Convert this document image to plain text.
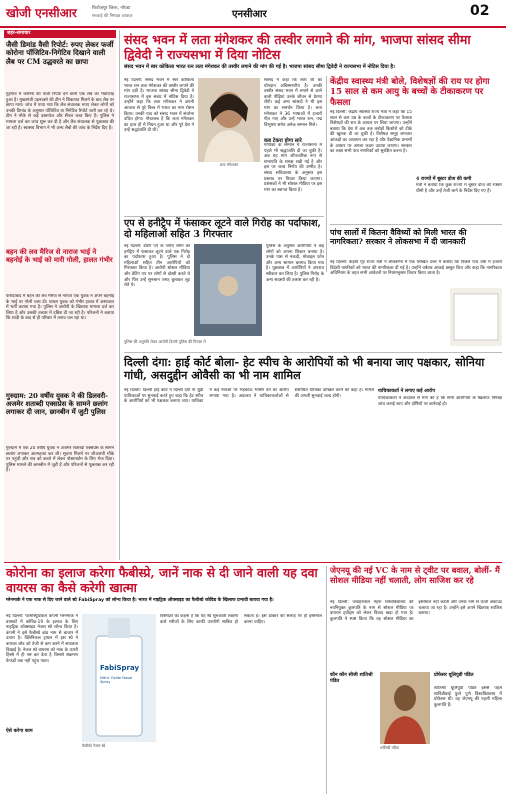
खोजी एनसीआर	फिरोजपुर जिला, नोएडा
सच्चाई की निष्पक्ष आवाज़	एनसीआर	02
शहर-समाचार
जैसी डिमांड वैसी रिपोर्ट: रुपए लेकर फर्जी कोरोना पॉजिटिव-निगेटिव दिखाने वाली लैब पर CM उद्धवरते का छापा
गुड़गांव में कोरोना की फर्जी रिपोर्ट देने वाली एक लैब का भंडाफोड़ हुआ है। मुख्यमंत्री उड़नदस्ते की टीम ने शिकायत मिलने के बाद लैब पर छापा मारा। जांच में पाया गया कि लैब संचालक रुपए लेकर लोगों को उनकी डिमांड के अनुसार पॉजिटिव या निगेटिव रिपोर्ट जारी कर रहे थे। टीम ने मौके से कई दस्तावेज और सैंपल जब्त किए हैं। पुलिस ने मामला दर्ज कर जांच शुरू कर दी है और लैब संचालक से पूछताछ की जा रही है। स्वास्थ्य विभाग ने भी अन्य लैबों की जांच के निर्देश दिए हैं।
बहन की लव मैरिज से नाराज भाई ने बहनोई के भाई को मारी गोली, हालत गंभीर
फरीदाबाद में बहन की लव मैरिज से नाराज एक युवक ने अपने बहनोई के भाई पर गोली चला दी। घायल युवक को गंभीर हालत में अस्पताल में भर्ती कराया गया है। पुलिस ने आरोपी के खिलाफ मामला दर्ज कर लिया है और उसकी तलाश में दबिश दी जा रही है। परिजनों ने बताया कि शादी के बाद से ही परिवार में तनाव चल रहा था।
गुरुग्राम: 20 वर्षीय युवक ने की डिलवरी- अजमेर शताब्दी एक्सप्रेस के सामने छलांग लगाकर दी जान, छानबीन में जुटी पुलिस
गुरुग्राम में एक 20 वर्षीय युवक ने अजमेर शताब्दी एक्सप्रेस के सामने छलांग लगाकर आत्महत्या कर ली। सूचना मिलने पर जीआरपी मौके पर पहुंची और शव को कब्जे में लेकर पोस्टमार्टम के लिए भेज दिया। पुलिस मामले की छानबीन में जुटी है और परिजनों से पूछताछ कर रही है।
संसद भवन में लता मंगेशकर की तस्वीर लगाने की मांग, भाजपा सांसद सीमा द्विवेदी ने राज्यसभा में दिया नोटिस
संसद भवन में स्वर कोकिला भारत रत्न लता मंगेशकर की तस्वीर लगाने की मांग की गई है। भाजपा सांसद सीमा द्विवेदी ने राज्यसभा में नोटिस दिया है।
लता मंगेशकर
नई दिल्ली: संसद भवन में स्वर कोकिला भारत रत्न लता मंगेशकर की तस्वीर लगाने की मांग उठी है। भाजपा सांसद सीमा द्विवेदी ने राज्यसभा में इस संबंध में नोटिस दिया है। उन्होंने कहा कि लता मंगेशकर ने अपनी आवाज से पूरे विश्व में भारत का नाम रोशन किया। उनकी याद को संसद भवन में संजोना उचित होगा। गौरतलब है कि लता मंगेशकर का हाल ही में निधन हुआ था और पूरे देश ने उन्हें श्रद्धांजलि दी थी।
सांसद ने कहा कि लता जी का योगदान अविस्मरणीय है। उनकी तस्वीर संसद भवन में लगाने से आने वाली पीढ़ियां उनके जीवन से प्रेरणा लेंगी। कई अन्य सांसदों ने भी इस मांग का समर्थन किया है। लता मंगेशकर ने 36 भाषाओं में हजारों गीत गाए और उन्हें भारत रत्न, पद्म विभूषण समेत अनेक सम्मान मिले।
कब टेकरा होगा सारे
गायिका के सम्मान में राज्यसभा में पहले भी श्रद्धांजलि दी जा चुकी है। अब यह मांग औपचारिक रूप से सभापति के समक्ष रखी गई है और इस पर जल्द निर्णय की उम्मीद है। संसद सचिवालय के अनुसार इस प्रस्ताव पर विचार किया जाएगा। प्रशंसकों ने भी सोशल मीडिया पर इस मांग का स्वागत किया है।
केंद्रीय स्वास्थ्य मंत्री बोले, विशेषज्ञों की राय पर होगा 15 साल से कम आयु के बच्चों के टीकाकरण पर फैसला
नई दिल्ली: केंद्रीय स्वास्थ्य राज्य मंत्री ने कहा कि 15 साल से कम उम्र के बच्चों के टीकाकरण पर फैसला विशेषज्ञों की राय के आधार पर लिया जाएगा। उन्होंने बताया कि देश में अब तक करोड़ों किशोरों को टीके की खुराक दी जा चुकी है। विशेषज्ञ समूह लगातार आंकड़ों का अध्ययन कर रहा है और वैज्ञानिक प्रमाणों के आधार पर अगला कदम उठाया जाएगा। सरकार का लक्ष्य सभी पात्र नागरिकों को सुरक्षित करना है।
4 राज्यों में बूस्टर डोज की कमी
मंत्री ने बताया कि कुछ राज्यों में बूस्टर डोज की रफ्तार धीमी है और उन्हें तेजी लाने के निर्देश दिए गए हैं।
पांच सालों में कितना वैविध्यों को मिली भारत की नागरिकता? सरकार ने लोकसभा में दी जानकारी
नई दिल्ली: केंद्रीय गृह राज्य मंत्री ने लोकसभा में एक लिखित उत्तर में बताया कि पिछले पांच वर्षों में हजारों विदेशी नागरिकों को भारत की नागरिकता दी गई है। उन्होंने वर्षवार आंकड़े प्रस्तुत किए और कहा कि नागरिकता अधिनियम के तहत सभी आवेदनों पर नियमानुसार विचार किया जाता है।
एप से हनीट्रैप में फंसाकर लूटने वाले गिरोह का पर्दाफाश, दो महिलाओं सहित 3 गिरफ्तार
नई दिल्ली: डेटिंग एप के जरिए लोगों को हनीट्रैप में फंसाकर लूटने वाले एक गिरोह का पर्दाफाश हुआ है। पुलिस ने दो महिलाओं सहित तीन आरोपियों को गिरफ्तार किया है। आरोपी सोशल मीडिया और डेटिंग एप पर लोगों से दोस्ती करते थे और फिर उन्हें सुनसान जगह बुलाकर लूट लेते थे।
पुलिस की अनुमति लेकर आरोपी दिल्ली पुलिस की गिरफ्त में
पुलिस के अनुसार आरोपियों ने कई लोगों को अपना शिकार बनाया है। उनके पास से नकदी, मोबाइल फोन और अन्य सामान बरामद किया गया है। पूछताछ में आरोपियों ने अपराध स्वीकार कर लिया है। पुलिस गिरोह के अन्य सदस्यों की तलाश कर रही है।
दिल्ली दंगा: हाई कोर्ट बोला- हेट स्पीच के आरोपियों को भी बनाया जाए पक्षकार, सोनिया गांधी, असदुद्दीन ओवैसी का भी नाम शामिल
नई दिल्ली: दिल्ली हाई कोर्ट ने दिल्ली दंगों से जुड़ी याचिकाओं पर सुनवाई करते हुए कहा कि हेट स्पीच के आरोपियों को भी पक्षकार बनाया जाए। याचिका में कई नेताओं पर भड़काऊ भाषण देने का आरोप लगाया गया है। अदालत ने याचिकाकर्ताओं से संशोधित याचिका दाखिल करने को कहा है। मामले की अगली सुनवाई जल्द होगी।
याचिकाकर्ता ने लगाए कई आरोप
याचिकाकर्ता ने अदालत से मांग की है कि सभी आरोपियों के खिलाफ निष्पक्ष जांच कराई जाए और दोषियों पर कार्रवाई हो।
कोरोना का इलाज करेगा फैबीस्प्रे, जानें नाक से दी जाने वाली यह दवा वायरस का कैसे करेगी खात्मा
ग्लेनमार्क ने एक नाक से दिए जाने वाले स्प्रे FabiSpray को लॉन्च किया है। भारत में नाइट्रिक ऑक्साइड का फैबीस्प्रे कोविड के खिलाफ प्रभावी बताया गया है।
नई दिल्ली: फार्मास्युटिकल कंपनी ग्लेनमार्क ने वयस्कों में कोविड-19 के इलाज के लिए नाइट्रिक ऑक्साइड नेजल स्प्रे लॉन्च किया है। कंपनी ने इसे फैबीस्प्रे ब्रांड नाम से बाजार में उतारा है। क्लिनिकल ट्रायल में इस स्प्रे ने वायरल लोड को तेजी से कम करने में सफलता दिखाई है। नेजल स्प्रे वायरस को नाक के ऊपरी हिस्से में ही नष्ट कर देता है जिससे संक्रमण फेफड़ों तक नहीं पहुंच पाता।
ऐसे करेगा काम
FabiSpray
Nitric Oxide Nasal Spray
फैबीस्प्रे नेजल स्प्रे
विशेषज्ञों का कहना है कि यह स्प्रे शुरुआती लक्षणों वाले मरीजों के लिए काफी उपयोगी साबित हो सकता है। इसे डॉक्टर की सलाह पर ही इस्तेमाल करना चाहिए।
जेएनयू की नई VC के नाम से ट्वीट पर बवाल, बोलीं- मैं सोशल मीडिया नहीं चलाती, लोग साजिश कर रहे
नई दिल्ली: जवाहरलाल नेहरू विश्वविद्यालय की नवनियुक्त कुलपति के नाम से सोशल मीडिया पर वायरल ट्वीट्स को लेकर विवाद खड़ा हो गया है। कुलपति ने स्पष्ट किया कि वह सोशल मीडिया का इस्तेमाल नहीं करतीं और उनके नाम से फर्जी अकाउंट चलाया जा रहा है। उन्होंने इसे अपने खिलाफ साजिश बताया।
शांतिश्री पंडित
कौन कौन सीजी शांतिश्री पंडित
प्रोफेसर धूलिपुडी पंडित
शांतिश्री धूलिपुडी पंडित इससे पहले सावित्रीबाई फुले पुणे विश्वविद्यालय में प्रोफेसर थीं। वह जेएनयू की पहली महिला कुलपति हैं।
